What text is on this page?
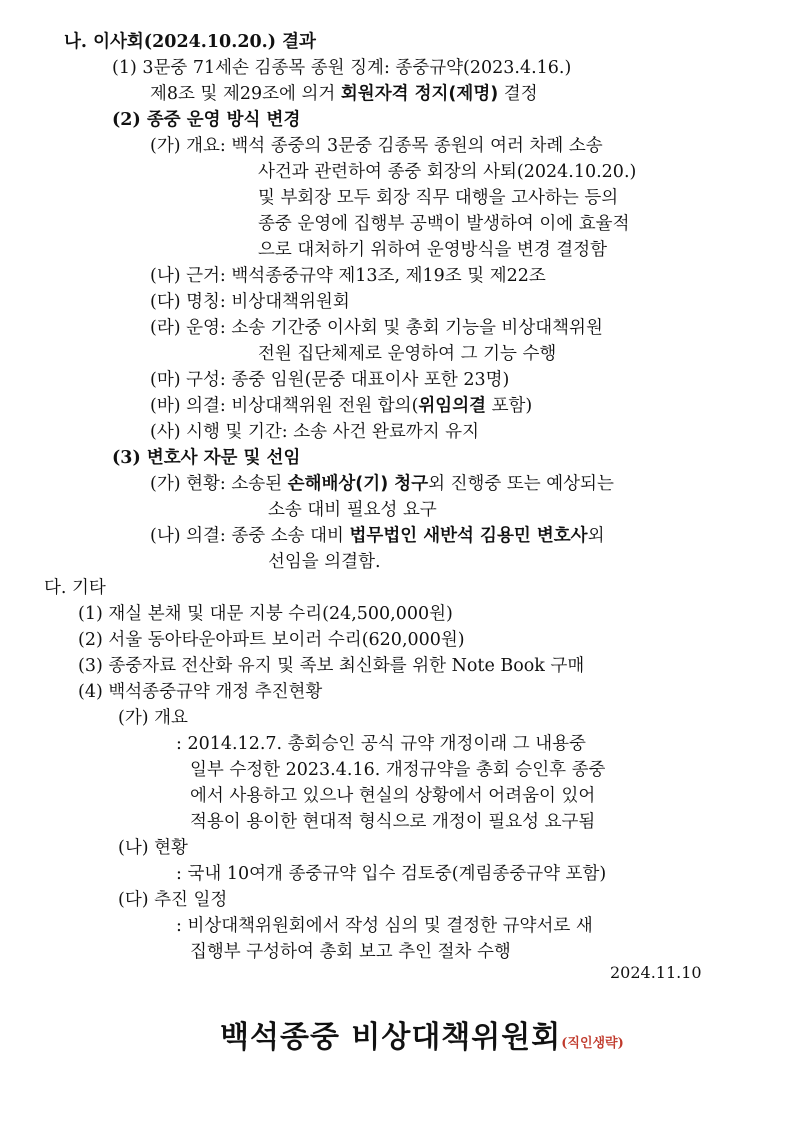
나. 이사회(2024.10.20.) 결과
(1) 3문중 71세손 김종목 종원 징계: 종중규약(2023.4.16.)
제8조 및 제29조에 의거 회원자격 정지(제명) 결정
(2) 종중 운영 방식 변경
(가) 개요: 백석 종중의 3문중 김종목 종원의 여러 차례 소송
사건과 관련하여 종중 회장의 사퇴(2024.10.20.)
및 부회장 모두 회장 직무 대행을 고사하는 등의
종중 운영에 집행부 공백이 발생하여 이에 효율적
으로 대처하기 위하여 운영방식을 변경 결정함
(나) 근거: 백석종중규약 제13조, 제19조 및 제22조
(다) 명칭: 비상대책위원회
(라) 운영: 소송 기간중 이사회 및 총회 기능을 비상대책위원
전원 집단체제로 운영하여 그 기능 수행
(마) 구성: 종중 임원(문중 대표이사 포한 23명)
(바) 의결: 비상대책위원 전원 합의(위임의결 포함)
(사) 시행 및 기간: 소송 사건 완료까지 유지
(3) 변호사 자문 및 선임
(가) 현황: 소송된 손해배상(기) 청구외 진행중 또는 예상되는
소송 대비 필요성 요구
(나) 의결: 종중 소송 대비 법무법인 새반석 김용민 변호사외
선임을 의결함.
다. 기타
(1) 재실 본채 및 대문 지붕 수리(24,500,000원)
(2) 서울 동아타운아파트 보이러 수리(620,000원)
(3) 종중자료 전산화 유지 및 족보 최신화를 위한 Note Book 구매
(4) 백석종중규약 개정 추진현황
(가) 개요
: 2014.12.7. 총회승인 공식 규약 개정이래 그 내용중
일부 수정한 2023.4.16. 개정규약을 총회 승인후 종중
에서 사용하고 있으나 현실의 상황에서 어려움이 있어
적용이 용이한 현대적 형식으로 개정이 필요성 요구됨
(나) 현황
: 국내 10여개 종중규약 입수 검토중(계림종중규약 포함)
(다) 추진 일정
: 비상대책위원회에서 작성 심의 및 결정한 규약서로 새
집행부 구성하여 총회 보고 추인 절차 수행
2024.11.10
백석종중 비상대책위원회(직인생략)
